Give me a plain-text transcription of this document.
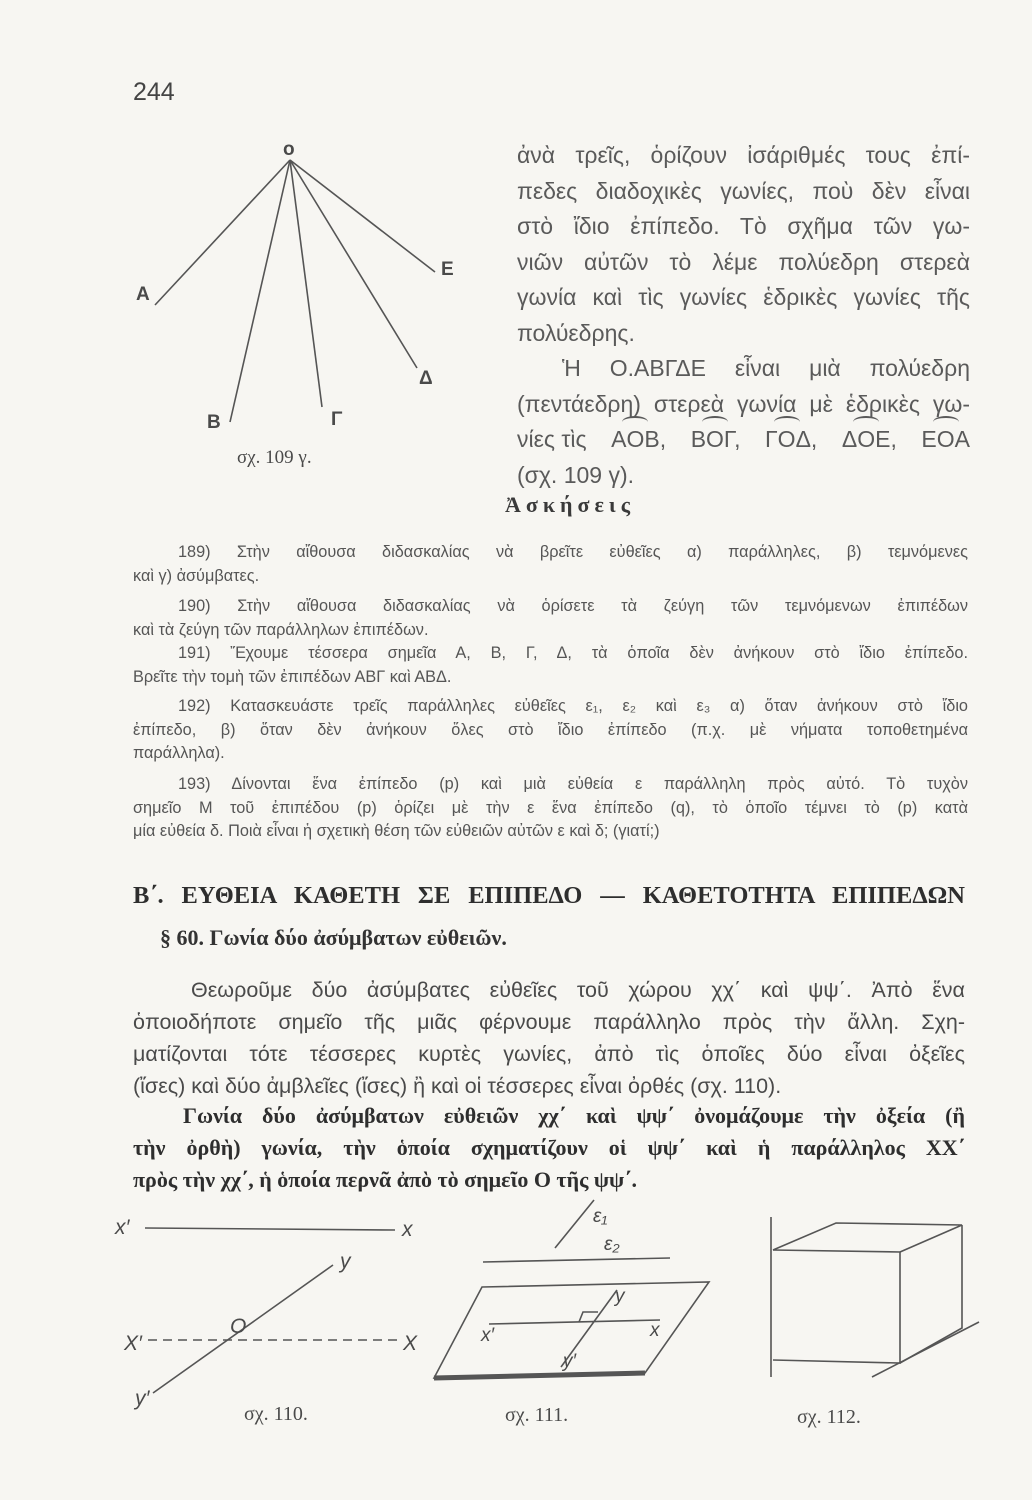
244
ἀνὰ τρεῖς, ὁρίζουν ἰσάριθμές τους ἐπί-
πεδες διαδοχικὲς γωνίες, ποὺ δὲν εἶναι
στὸ ἴδιο ἐπίπεδο. Τὸ σχῆμα τῶν γω-
νιῶν αὐτῶν τὸ λέμε πολύεδρη στερεὰ
γωνία καὶ τὶς γωνίες ἑδρικὲς γωνίες τῆς
πολύεδρης.
Ἡ Ο.ΑΒΓΔΕ εἶναι μιὰ πολύεδρη
(πεντάεδρη) στερεὰ γωνία μὲ ἑδρικὲς γω-
νίες τὶς AOB, BOΓ, ΓOΔ, ΔOE, EOA
(σχ. 109 γ).
Ἀσκήσεις
189) Στὴν αἴθουσα διδασκαλίας νὰ βρεῖτε εὐθεῖες α) παράλληλες, β) τεμνόμενες
καὶ γ) ἀσύμβατες.
190) Στὴν αἴθουσα διδασκαλίας νὰ ὁρίσετε τὰ ζεύγη τῶν τεμνόμενων ἐπιπέδων
καὶ τὰ ζεύγη τῶν παράλληλων ἐπιπέδων.
191) Ἔχουμε τέσσερα σημεῖα Α, Β, Γ, Δ, τὰ ὁποῖα δὲν ἀνήκουν στὸ ἴδιο ἐπίπεδο.
Βρεῖτε τὴν τομὴ τῶν ἐπιπέδων ΑΒΓ καὶ ΑΒΔ.
192) Κατασκευάστε τρεῖς παράλληλες εὐθεῖες ε₁, ε₂ καὶ ε₃ α) ὅταν ἀνήκουν στὸ ἴδιο
ἐπίπεδο, β) ὅταν δὲν ἀνήκουν ὅλες στὸ ἴδιο ἐπίπεδο (π.χ. μὲ νήματα τοποθετημένα
παράλληλα).
193) Δίνονται ἕνα ἐπίπεδο (p) καὶ μιὰ εὐθεία ε παράλληλη πρὸς αὐτό. Τὸ τυχὸν
σημεῖο Μ τοῦ ἐπιπέδου (p) ὁρίζει μὲ τὴν ε ἕνα ἐπίπεδο (q), τὸ ὁποῖο τέμνει τὸ (p) κατὰ
μία εὐθεία δ. Ποιὰ εἶναι ἡ σχετικὴ θέση τῶν εὐθειῶν αὐτῶν ε καὶ δ; (γιατί;)
Β΄. ΕΥΘΕΙΑ ΚΑΘΕΤΗ ΣΕ ΕΠΙΠΕΔΟ — ΚΑΘΕΤΟΤΗΤΑ ΕΠΙΠΕΔΩΝ
§ 60. Γωνία δύο ἀσύμβατων εὐθειῶν.
Θεωροῦμε δύο ἀσύμβατες εὐθεῖες τοῦ χώρου χχ΄ καὶ ψψ΄. Ἀπὸ ἕνα
ὁποιοδήποτε σημεῖο τῆς μιᾶς φέρνουμε παράλληλο πρὸς τὴν ἄλλη. Σχη-
ματίζονται τότε τέσσερες κυρτὲς γωνίες, ἀπὸ τὶς ὁποῖες δύο εἶναι ὀξεῖες
(ἴσες) καὶ δύο ἀμβλεῖες (ἴσες) ἢ καὶ οἱ τέσσερες εἶναι ὀρθές (σχ. 110).
Γωνία δύο ἀσύμβατων εὐθειῶν χχ΄ καὶ ψψ΄ ὀνομάζουμε τὴν ὀξεία (ἢ
τὴν ὀρθὴ) γωνία, τὴν ὁποία σχηματίζουν οἱ ψψ΄ καὶ ἡ παράλληλος ΧΧ΄
πρὸς τὴν χχ΄, ἡ ὁποία περνᾶ ἀπὸ τὸ σημεῖο Ο τῆς ψψ΄.
o
A
B	Γ
Δ
E
σχ. 109 γ.
x′	x
y
O
X′	X
y′
σχ. 110.
ε₁
ε₂
y
x
x′
y′
σχ. 111.	σχ. 112.
